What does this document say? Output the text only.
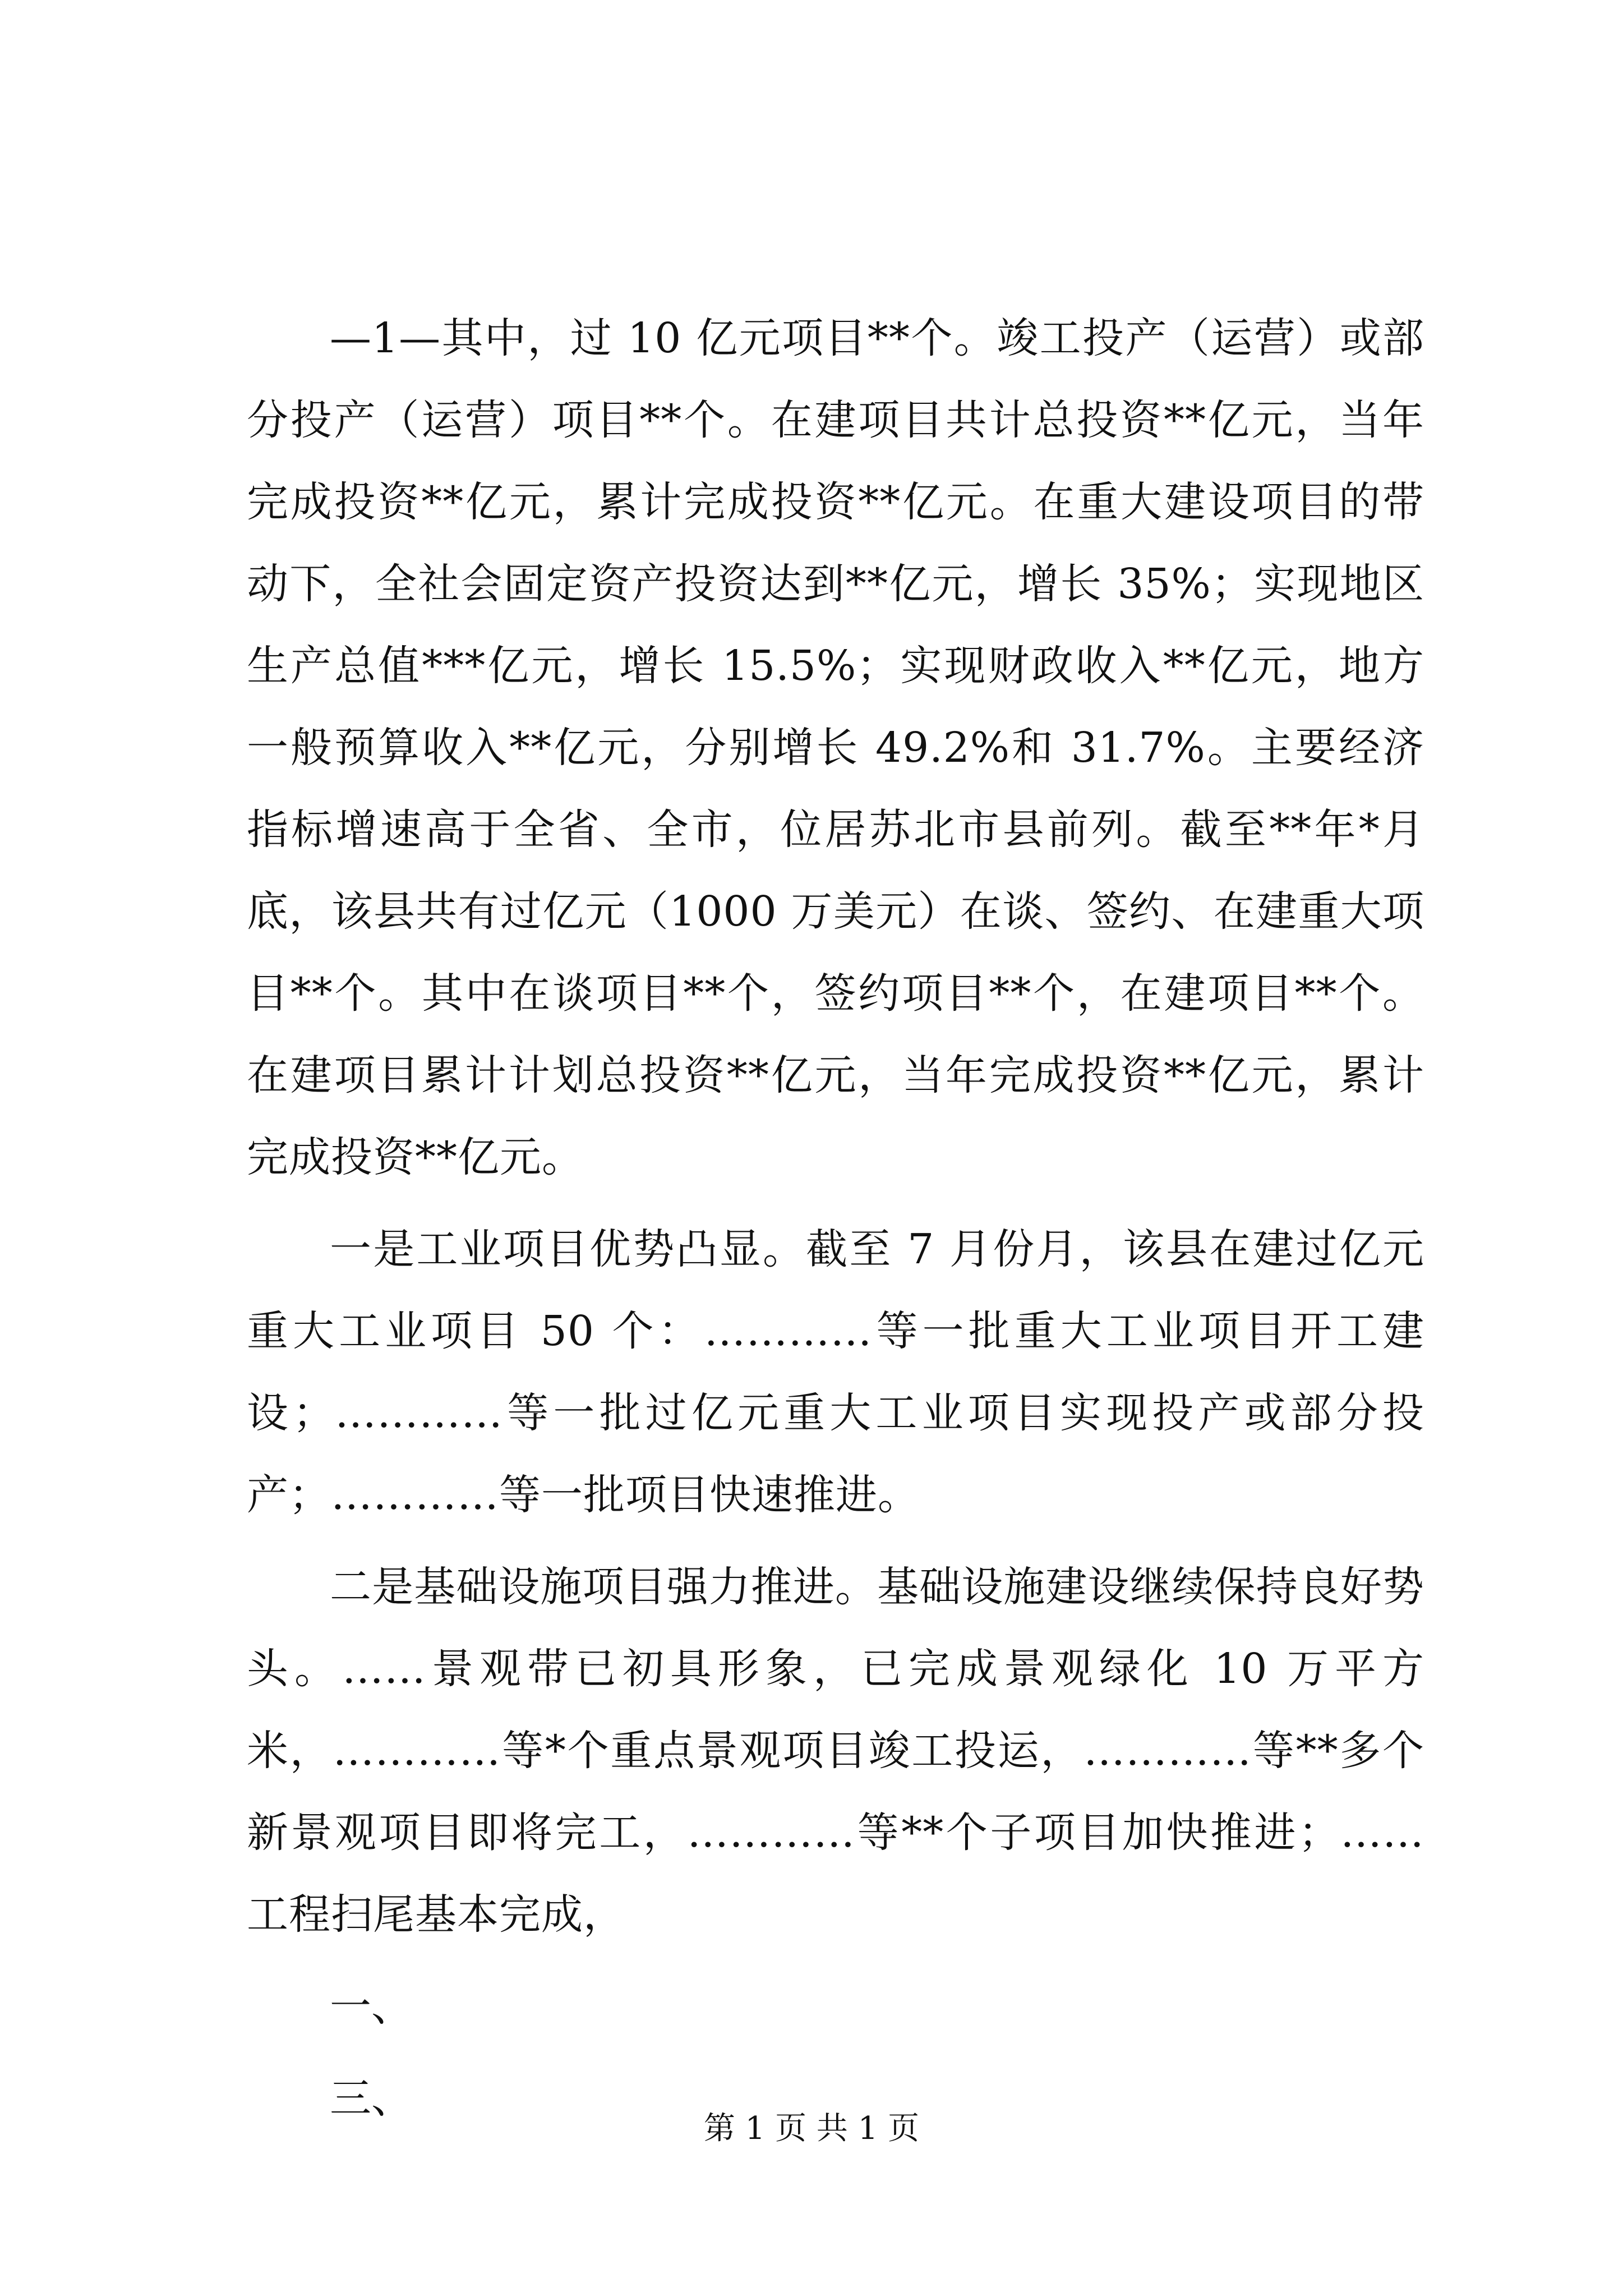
—1—其中，过 10 亿元项目**个。竣工投产（运营）或部分投产（运营）项目**个。在建项目共计总投资**亿元，当年完成投资**亿元，累计完成投资**亿元。在重大建设项目的带动下，全社会固定资产投资达到**亿元，增长 35%；实现地区生产总值***亿元，增长 15.5%；实现财政收入**亿元，地方一般预算收入**亿元，分别增长 49.2%和 31.7%。主要经济指标增速高于全省、全市，位居苏北市县前列。截至**年*月底，该县共有过亿元（1000 万美元）在谈、签约、在建重大项目**个。其中在谈项目**个，签约项目**个，在建项目**个。在建项目累计计划总投资**亿元，当年完成投资**亿元，累计完成投资**亿元。

一是工业项目优势凸显。截至 7 月份月，该县在建过亿元重大工业项目 50 个：…………等一批重大工业项目开工建设；…………等一批过亿元重大工业项目实现投产或部分投产；…………等一批项目快速推进。

二是基础设施项目强力推进。基础设施建设继续保持良好势头。……景观带已初具形象，已完成景观绿化 10 万平方米，…………等*个重点景观项目竣工投运，…………等**多个新景观项目即将完工，…………等**个子项目加快推进；……工程扫尾基本完成，

一、

三、

第 1 页 共 1 页
